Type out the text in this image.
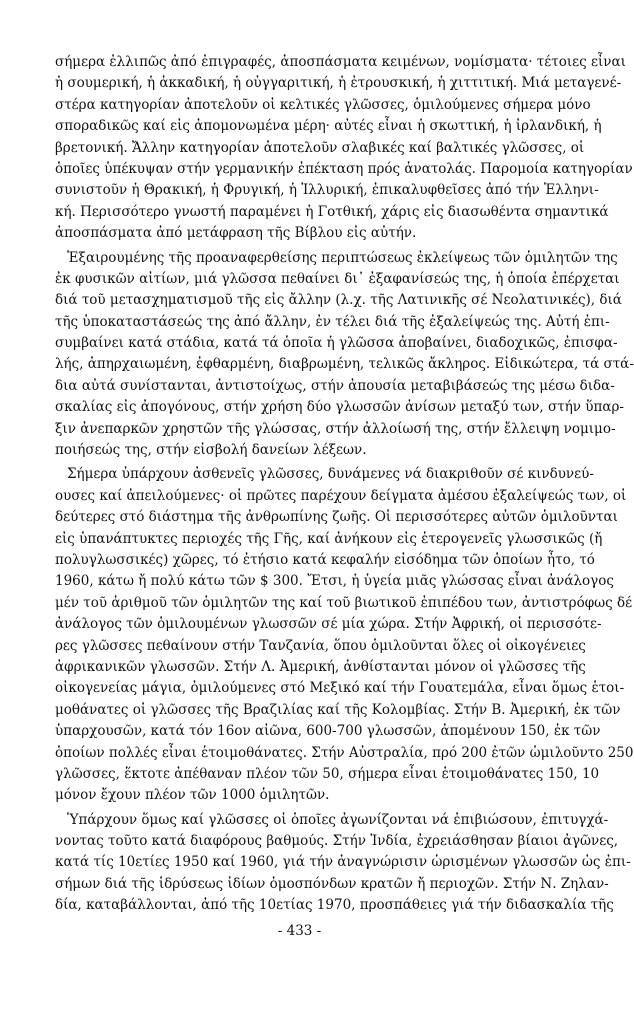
σήμερα ἐλλιπῶς ἀπό ἐπιγραφές, ἀποσπάσματα κειμένων, νομίσματα· τέτοιες εἶναι
ἡ σουμερική, ἡ ἀκκαδική, ἡ οὐγγαριτική, ἡ ἐτρουσκική, ἡ χιττιτική. Μιά μεταγενέ-
στέρα κατηγορίαν ἀποτελοῦν οἱ κελτικές γλῶσσες, ὁμιλούμενες σήμερα μόνο
σποραδικῶς καί εἰς ἀπομονωμένα μέρη· αὐτές εἶναι ἡ σκωττική, ἡ ἰρλανδική, ἡ
βρετονική. Ἄλλην κατηγορίαν ἀποτελοῦν σλαβικές καί βαλτικές γλῶσσες, οἱ
ὁποῖες ὑπέκυψαν στήν γερμανικήν ἐπέκταση πρός ἀνατολάς. Παρομοία κατηγορίαν
συνιστοῦν ἡ Θρακική, ἡ Φρυγική, ἡ Ἰλλυρική, ἐπικαλυφθεῖσες ἀπό τήν Ἑλληνι-
κή. Περισσότερο γνωστή παραμένει ἡ Γοτθική, χάρις εἰς διασωθέντα σημαντικά
ἀποσπάσματα ἀπό μετάφραση τῆς Βίβλου εἰς αὐτήν.
Ἐξαιρουμένης τῆς προαναφερθείσης περιπτώσεως ἐκλείψεως τῶν ὁμιλητῶν της
ἐκ φυσικῶν αἰτίων, μιά γλῶσσα πεθαίνει δι᾽ ἐξαφανίσεώς της, ἡ ὁποία ἐπέρχεται
διά τοῦ μετασχηματισμοῦ τῆς εἰς ἄλλην (λ.χ. τῆς Λατινικῆς σέ Νεολατινικές), διά
τῆς ὑποκαταστάσεώς της ἀπό ἄλλην, ἐν τέλει διά τῆς ἐξαλείψεώς της. Αὐτή ἐπι-
συμβαίνει κατά στάδια, κατά τά ὁποῖα ἡ γλῶσσα ἀποβαίνει, διαδοχικῶς, ἐπισφα-
λής, ἀπηρχαιωμένη, ἐφθαρμένη, διαβρωμένη, τελικῶς ἄκληρος. Εἰδικώτερα, τά στά-
δια αὐτά συνίστανται, ἀντιστοίχως, στήν ἀπουσία μεταβιβάσεώς της μέσω διδα-
σκαλίας εἰς ἀπογόνους, στήν χρήση δύο γλωσσῶν ἀνίσων μεταξύ των, στήν ὕπαρ-
ξιν ἀνεπαρκῶν χρηστῶν τῆς γλώσσας, στήν ἀλλοίωσή της, στήν ἔλλειψη νομιμο-
ποιήσεώς της, στήν εἰσβολή δανείων λέξεων.
Σήμερα ὑπάρχουν ἀσθενεῖς γλῶσσες, δυνάμενες νά διακριθοῦν σέ κινδυνεύ-
ουσες καί ἀπειλούμενες· οἱ πρῶτες παρέχουν δείγματα ἀμέσου ἐξαλείψεώς των, οἱ
δεύτερες στό διάστημα τῆς ἀνθρωπίνης ζωῆς. Οἱ περισσότερες αὐτῶν ὁμιλοῦνται
εἰς ὑπανάπτυκτες περιοχές τῆς Γῆς, καί ἀνήκουν εἰς ἑτερογενεῖς γλωσσικῶς (ἤ
πολυγλωσσικές) χῶρες, τό ἐτήσιο κατά κεφαλήν εἰσόδημα τῶν ὁποίων ἦτο, τό
1960, κάτω ἤ πολύ κάτω τῶν $ 300. Ἔτσι, ἡ ὑγεία μιᾶς γλώσσας εἶναι ἀνάλογος
μέν τοῦ ἀριθμοῦ τῶν ὁμιλητῶν της καί τοῦ βιωτικοῦ ἐπιπέδου των, ἀντιστρόφως δέ
ἀνάλογος τῶν ὁμιλουμένων γλωσσῶν σέ μία χώρα. Στήν Ἀφρική, οἱ περισσότε-
ρες γλῶσσες πεθαίνουν στήν Τανζανία, ὅπου ὁμιλοῦνται ὅλες οἱ οἰκογένειες
ἀφρικανικῶν γλωσσῶν. Στήν Λ. Ἀμερική, ἀνθίστανται μόνον οἱ γλῶσσες τῆς
οἰκογενείας μάγια, ὁμιλούμενες στό Μεξικό καί τήν Γουατεμάλα, εἶναι ὅμως ἑτοι-
μοθάνατες οἱ γλῶσσες τῆς Βραζιλίας καί τῆς Κολομβίας. Στήν Β. Ἀμερική, ἐκ τῶν
ὑπαρχουσῶν, κατά τόν 16ον αἰῶνα, 600-700 γλωσσῶν, ἀπομένουν 150, ἐκ τῶν
ὁποίων πολλές εἶναι ἑτοιμοθάνατες. Στήν Αὐστραλία, πρό 200 ἐτῶν ὡμιλοῦντο 250
γλῶσσες, ἕκτοτε ἀπέθαναν πλέον τῶν 50, σήμερα εἶναι ἑτοιμοθάνατες 150, 10
μόνον ἔχουν πλέον τῶν 1000 ὁμιλητῶν.
Ὑπάρχουν ὅμως καί γλῶσσες οἱ ὁποῖες ἀγωνίζονται νά ἐπιβιώσουν, ἐπιτυγχά-
νοντας τοῦτο κατά διαφόρους βαθμούς. Στήν Ἰνδία, ἐχρειάσθησαν βίαιοι ἀγῶνες,
κατά τίς 10ετίες 1950 καί 1960, γιά τήν ἀναγνώρισιν ὡρισμένων γλωσσῶν ὡς ἐπι-
σήμων διά τῆς ἱδρύσεως ἰδίων ὁμοσπόνδων κρατῶν ἤ περιοχῶν. Στήν Ν. Ζηλαν-
δία, καταβάλλονται, ἀπό τῆς 10ετίας 1970, προσπάθειες γιά τήν διδασκαλία τῆς
- 433 -
